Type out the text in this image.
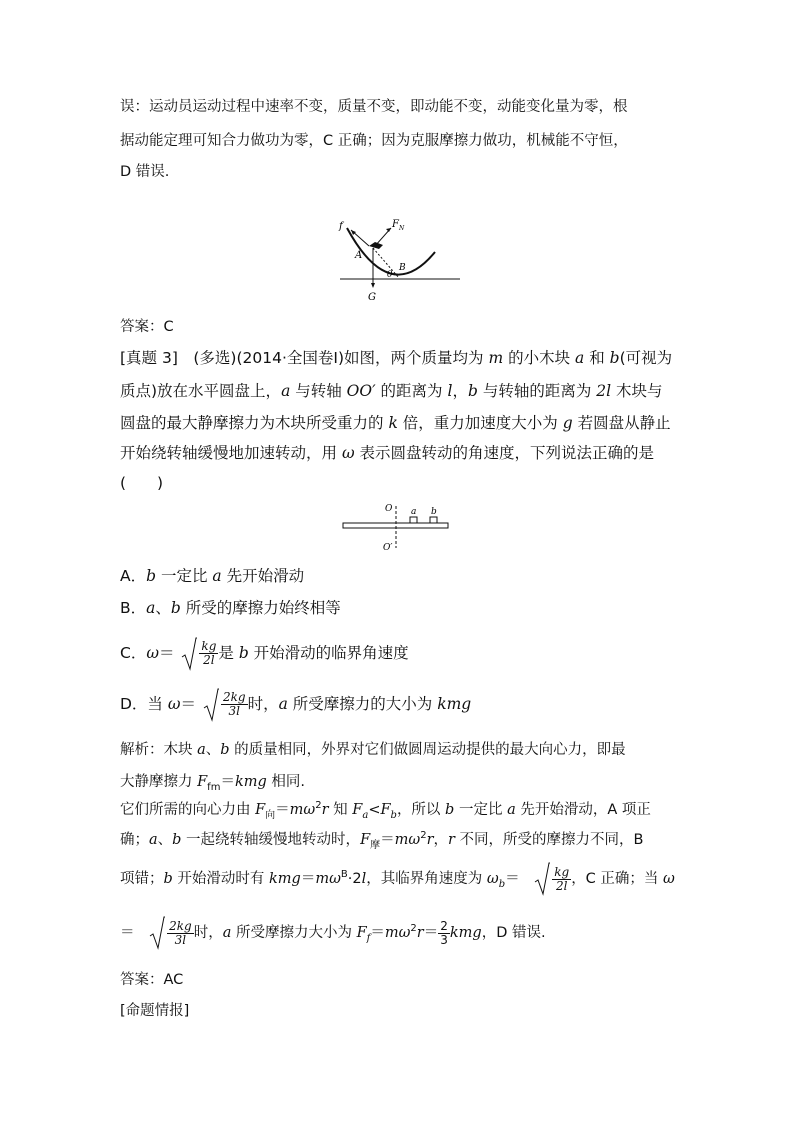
误：运动员运动过程中速率不变，质量不变，即动能不变，动能变化量为零，根
据动能定理可知合力做功为零，C 正确；因为克服摩擦力做功，机械能不守恒，
D 错误.
f	F N
A
B
θ
G
答案：C
[真题 3]　(多选)(2014·全国卷Ⅰ)如图，两个质量均为 m 的小木块 a 和 b(可视为
质点)放在水平圆盘上，a 与转轴 OO′ 的距离为 l，b 与转轴的距离为 2l 木块与
圆盘的最大静摩擦力为木块所受重力的 k 倍，重力加速度大小为 g 若圆盘从静止
开始绕转轴缓慢地加速转动，用 ω 表示圆盘转动的角速度，下列说法正确的是
(　　)
O
O′
a b
A．b 一定比 a 先开始滑动
B．a、b 所受的摩擦力始终相等
C．$\omega= \frac{kg}{2l}$ 是 b 开始滑动的临界角速度
D．当 $\omega= \frac{2kg}{3l}$ 时，a 所受摩擦力的大小为 kmg
解析：木块 a、b 的质量相同，外界对它们做圆周运动提供的最大向心力，即最
大静摩擦力 $F_{fm}=kmg$ 相同.
它们所需的向心力由 $F_向=m\omega^2r$ 知 $F_a<F_b$，所以 b 一定比 a 先开始滑动，A 项正
确；a、b 一起绕转轴缓慢地转动时，$F_摩=m\omega^2r$，r 不同，所受的摩擦力不同，B
项错；b 开始滑动时有 $kmg=m\omega^B\cdot 2l$，其临界角速度为 $\omega_b=$	$\frac{kg}{2l}$ ，C 正确；当 ω
＝	$\frac{2kg}{3l}$ 时，a 所受摩擦力大小为 $F_f=m\omega^2r= \frac{2}{3}$ kmg，D 错误.
答案：AC
[命题情报]
